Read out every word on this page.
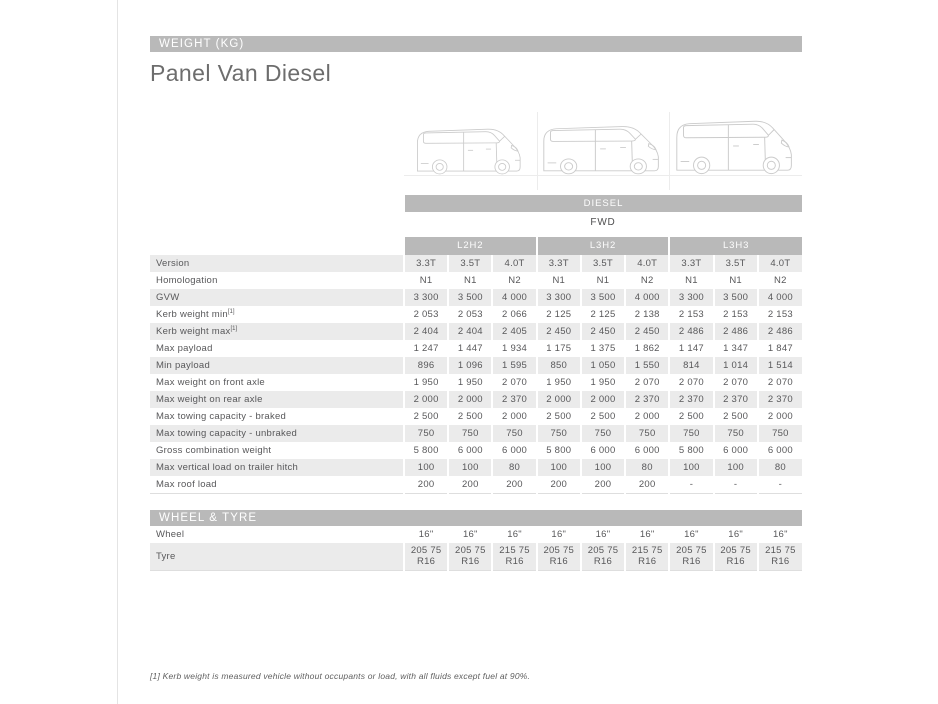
WEIGHT (KG)
Panel Van Diesel
	DIESEL								
	FWD								
	L2H2			L3H2			L3H3		
Version	3.3T	3.5T	4.0T	3.3T	3.5T	4.0T	3.3T	3.5T	4.0T
Homologation	N1	N1	N2	N1	N1	N2	N1	N1	N2
GVW	3 300	3 500	4 000	3 300	3 500	4 000	3 300	3 500	4 000
Kerb weight min[1]	2 053	2 053	2 066	2 125	2 125	2 138	2 153	2 153	2 153
Kerb weight max[1]	2 404	2 404	2 405	2 450	2 450	2 450	2 486	2 486	2 486
Max payload	1 247	1 447	1 934	1 175	1 375	1 862	1 147	1 347	1 847
Min payload	896	1 096	1 595	850	1 050	1 550	814	1 014	1 514
Max weight on front axle	1 950	1 950	2 070	1 950	1 950	2 070	2 070	2 070	2 070
Max weight on rear axle	2 000	2 000	2 370	2 000	2 000	2 370	2 370	2 370	2 370
Max towing capacity - braked	2 500	2 500	2 000	2 500	2 500	2 000	2 500	2 500	2 000
Max towing capacity - unbraked	750	750	750	750	750	750	750	750	750
Gross combination weight	5 800	6 000	6 000	5 800	6 000	6 000	5 800	6 000	6 000
Max vertical load on trailer hitch	100	100	80	100	100	80	100	100	80
Max roof load	200	200	200	200	200	200	-	-	-
WHEEL & TYRE
Wheel	16"	16"	16"	16"	16"	16"	16"	16"	16"
Tyre	205 75 R16	205 75 R16	215 75 R16	205 75 R16	205 75 R16	215 75 R16	205 75 R16	205 75 R16	215 75 R16
[1] Kerb weight is measured vehicle without occupants or load, with all fluids except fuel at 90%.
